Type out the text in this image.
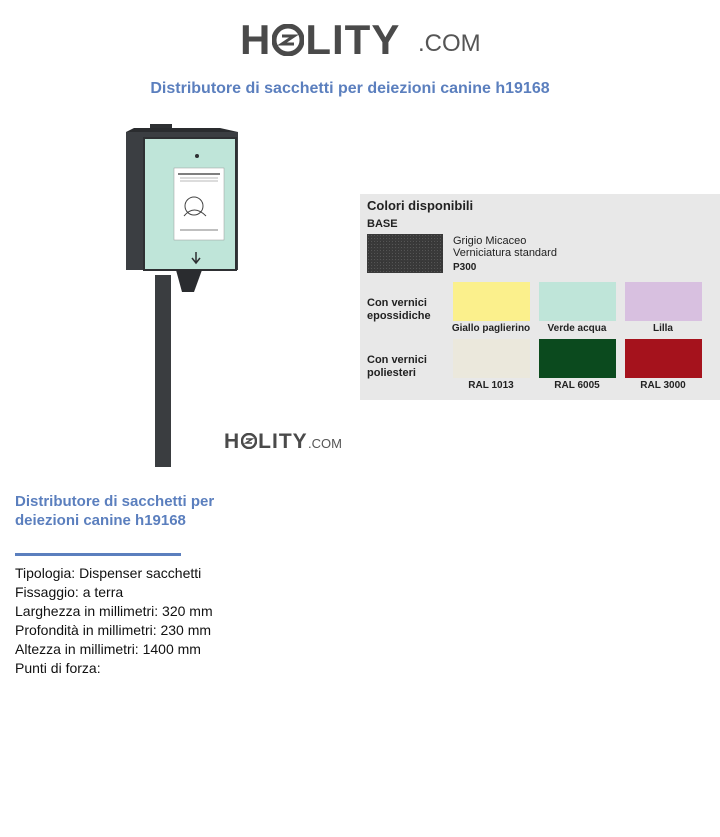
H LITY .COM
Distributore di sacchetti per deiezioni canine h19168
H LITY .COM
Colori disponibili
BASE
Grigio Micaceo
Verniciatura standard
P300
Con vernici
epossidiche
Giallo paglierino	Verde acqua	Lilla
Con vernici
poliesteri
RAL 1013	RAL 6005	RAL 3000
Distributore di sacchetti per deiezioni canine h19168
Tipologia: Dispenser sacchetti
Fissaggio: a terra
Larghezza in millimetri: 320 mm
Profondità in millimetri: 230 mm
Altezza in millimetri: 1400 mm
Punti di forza:
